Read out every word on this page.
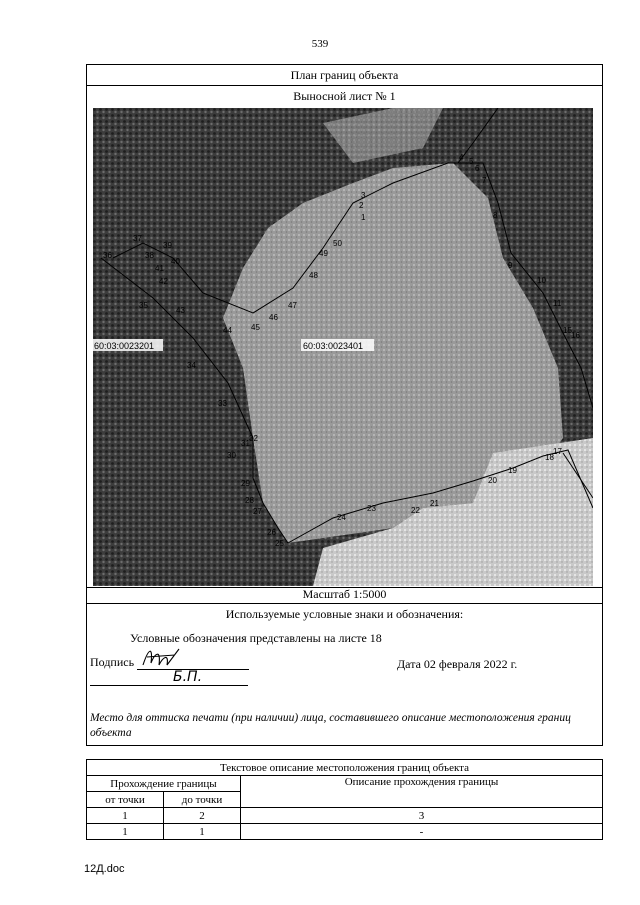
539
План границ объекта
Выносной лист № 1
1
2
3
4 5
6
7
8
9
10
11
15
16
17
18
19
20
21
22
23
24
25
26
27
28
29
30
31
32
33
34
35
36
37
38
39
40
41
42
43
44 45
46
47
48
49
50
60:03:0023201	60:03:0023401
Масштаб 1:5000
Используемые условные знаки и обозначения:
Условные обозначения представлены на листе 18
Подпись
Б.П.
Дата 02 февраля 2022 г.
Место для оттиска печати (при наличии) лица, составившего описание местоположения границ объекта
Текстовое описание местоположения границ объекта		
Прохождение границы		Описание прохождения границы
от точки	до точки	
1	2	3
1	1	-
12Д.doc
